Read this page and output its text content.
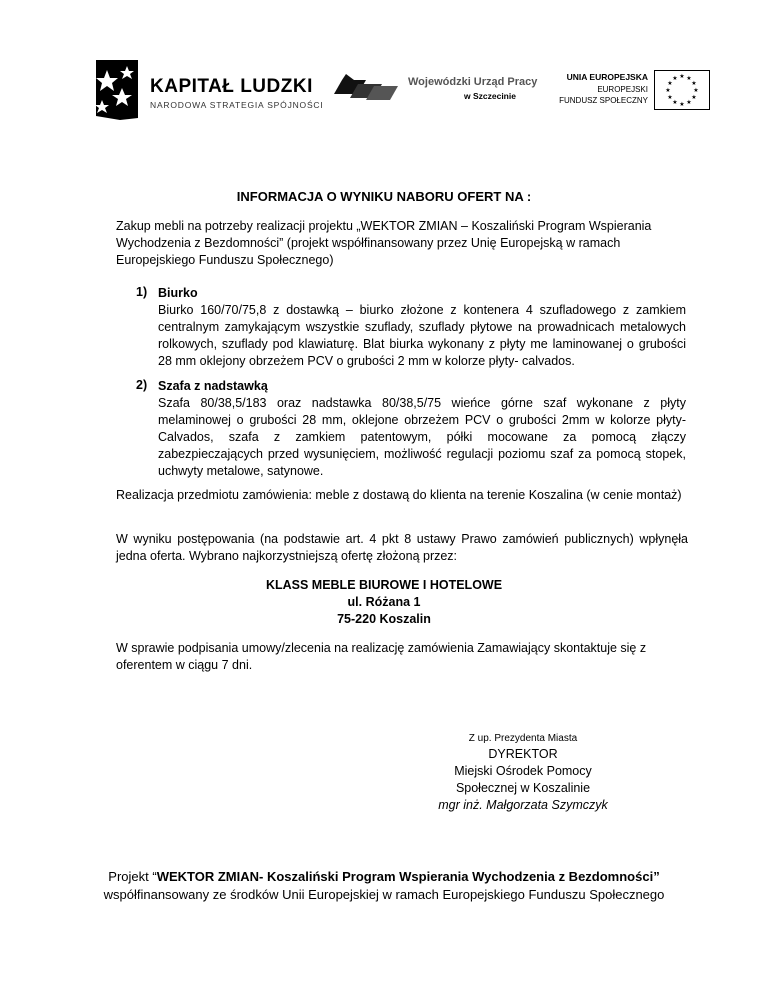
KAPITAŁ LUDZKI
NARODOWA STRATEGIA SPÓJNOŚCI
Wojewódzki Urząd Pracy
w Szczecinie
UNIA EUROPEJSKA
EUROPEJSKI
FUNDUSZ SPOŁECZNY
★ ★
★
★
★
★
★
★
★
★
★
★
INFORMACJA O WYNIKU NABORU OFERT NA :
Zakup mebli na potrzeby realizacji projektu „WEKTOR ZMIAN – Koszaliński Program Wspierania Wychodzenia z Bezdomności” (projekt współfinansowany przez Unię Europejską w ramach Europejskiego Funduszu Społecznego)
1) Biurko
Biurko 160/70/75,8 z dostawką – biurko złożone z kontenera 4 szufladowego z zamkiem centralnym zamykającym wszystkie szuflady, szuflady płytowe na prowadnicach metalowych rolkowych, szuflady pod klawiaturę. Blat biurka wykonany z płyty me laminowanej o grubości 28 mm oklejony obrzeżem PCV o grubości 2 mm w kolorze płyty- calvados.
2) Szafa z nadstawką
Szafa 80/38,5/183 oraz nadstawka 80/38,5/75 wieńce górne szaf wykonane z płyty melaminowej o grubości 28 mm, oklejone obrzeżem PCV o grubości 2mm w kolorze płyty- Calvados, szafa z zamkiem patentowym, półki mocowane za pomocą złączy zabezpieczających przed wysunięciem, możliwość regulacji poziomu szaf za pomocą stopek, uchwyty metalowe, satynowe.
Realizacja przedmiotu zamówienia: meble z dostawą do klienta na terenie Koszalina (w cenie montaż)
W wyniku postępowania (na podstawie art. 4 pkt 8 ustawy Prawo zamówień publicznych) wpłynęła jedna oferta. Wybrano najkorzystniejszą ofertę złożoną przez:
KLASS MEBLE BIUROWE I HOTELOWE
ul. Różana 1
75-220 Koszalin
W sprawie podpisania umowy/zlecenia na realizację zamówienia Zamawiający skontaktuje się z oferentem w ciągu 7 dni.
Z up. Prezydenta Miasta
DYREKTOR
Miejski Ośrodek Pomocy
Społecznej w Koszalinie
mgr inż. Małgorzata Szymczyk
Projekt “WEKTOR ZMIAN- Koszaliński Program Wspierania Wychodzenia z Bezdomności”
współfinansowany ze środków Unii Europejskiej w ramach Europejskiego Funduszu Społecznego
